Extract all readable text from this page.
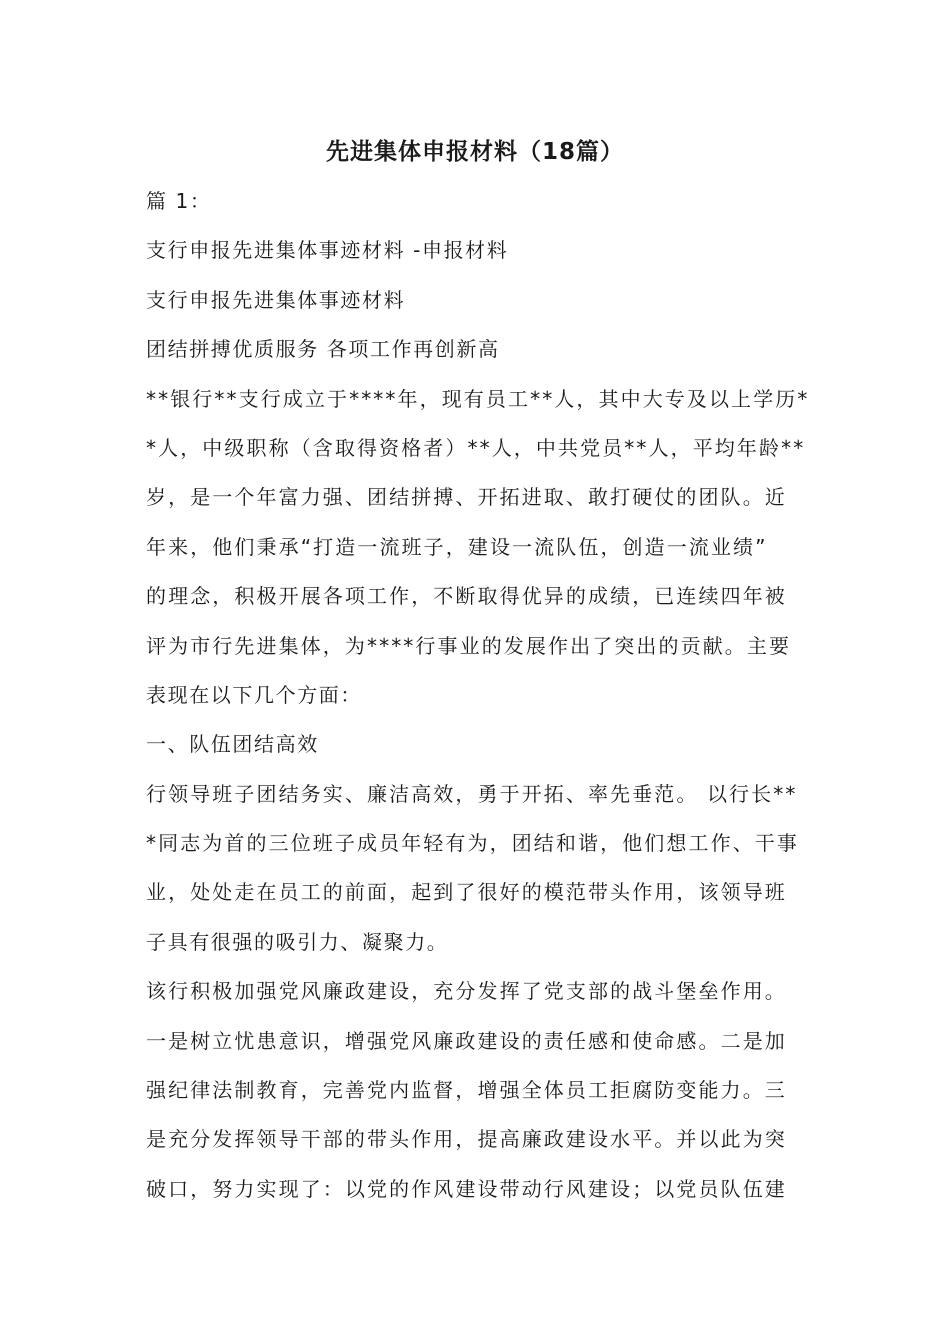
先进集体申报材料（18篇）
篇 1：
支行申报先进集体事迹材料 -申报材料
支行申报先进集体事迹材料
团结拼搏优质服务 各项工作再创新高
**银行**支行成立于****年，现有员工**人，其中大专及以上学历*
*人，中级职称（含取得资格者）**人，中共党员**人，平均年龄**
岁，是一个年富力强、团结拼搏、开拓进取、敢打硬仗的团队。近
年来，他们秉承“打造一流班子，建设一流队伍，创造一流业绩”
的理念，积极开展各项工作，不断取得优异的成绩，已连续四年被
评为市行先进集体，为****行事业的发展作出了突出的贡献。主要
表现在以下几个方面：
一、队伍团结高效
行领导班子团结务实、廉洁高效，勇于开拓、率先垂范。 以行长**
*同志为首的三位班子成员年轻有为，团结和谐，他们想工作、干事
业，处处走在员工的前面，起到了很好的模范带头作用，该领导班
子具有很强的吸引力、凝聚力。
该行积极加强党风廉政建设，充分发挥了党支部的战斗堡垒作用。
一是树立忧患意识，增强党风廉政建设的责任感和使命感。二是加
强纪律法制教育，完善党内监督，增强全体员工拒腐防变能力。三
是充分发挥领导干部的带头作用，提高廉政建设水平。并以此为突
破口，努力实现了：以党的作风建设带动行风建设；以党员队伍建
